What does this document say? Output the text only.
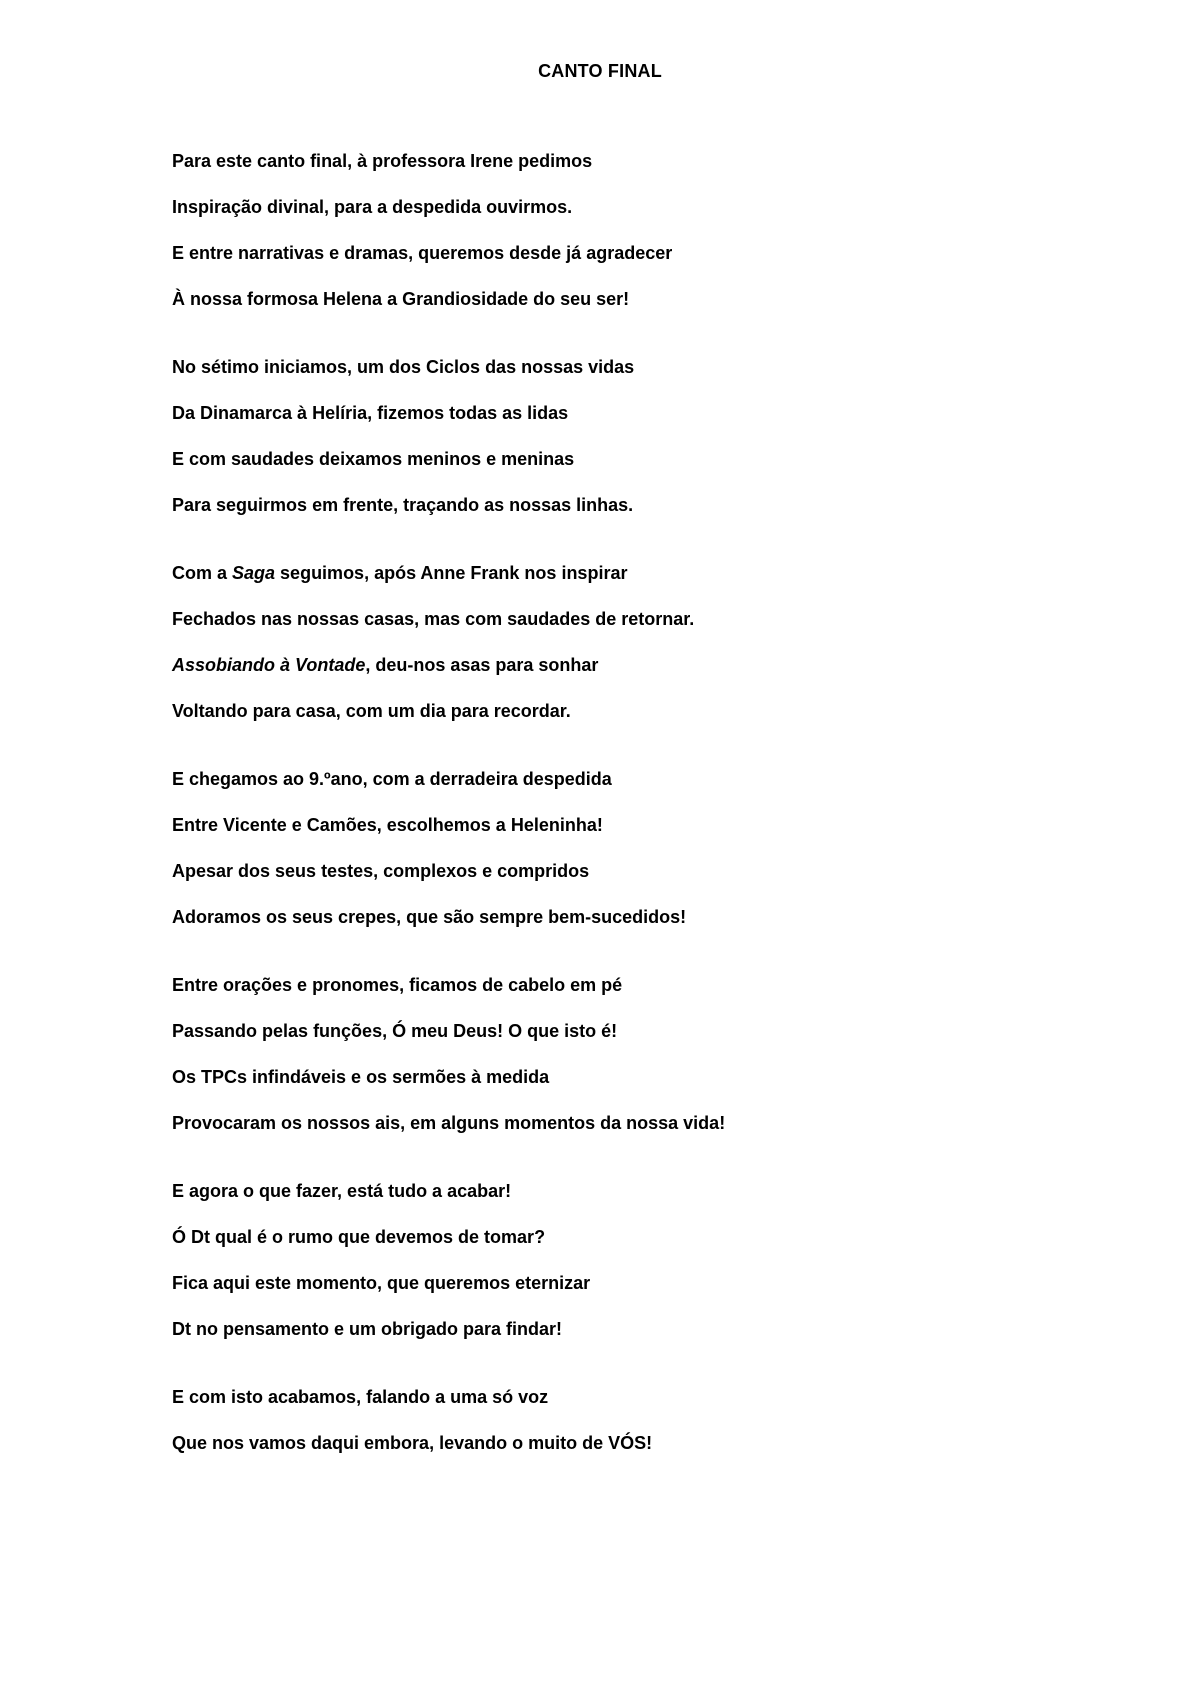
CANTO FINAL
Para este canto final, à professora Irene pedimos
Inspiração divinal, para a despedida ouvirmos.
E entre narrativas e dramas, queremos desde já agradecer
À nossa formosa Helena a Grandiosidade do seu ser!
No sétimo iniciamos, um dos Ciclos das nossas vidas
Da Dinamarca à Helíria, fizemos todas as lidas
E com saudades deixamos meninos e meninas
Para seguirmos em frente, traçando as nossas linhas.
Com a Saga seguimos, após Anne Frank nos inspirar
Fechados nas nossas casas, mas com saudades de retornar.
Assobiando à Vontade, deu-nos asas para sonhar
Voltando para casa, com um dia para recordar.
E chegamos ao 9.ºano, com a derradeira despedida
Entre Vicente e Camões, escolhemos a Heleninha!
Apesar dos seus testes, complexos e compridos
Adoramos os seus crepes, que são sempre bem-sucedidos!
Entre orações e pronomes, ficamos de cabelo em pé
Passando pelas funções, Ó meu Deus! O que isto é!
Os TPCs infindáveis e os sermões à medida
Provocaram os nossos ais, em alguns momentos da nossa vida!
E agora o que fazer, está tudo a acabar!
Ó Dt qual é o rumo que devemos de tomar?
Fica aqui este momento, que queremos eternizar
Dt no pensamento e um obrigado para findar!
E com isto acabamos, falando a uma só voz
Que nos vamos daqui embora, levando o muito de VÓS!
